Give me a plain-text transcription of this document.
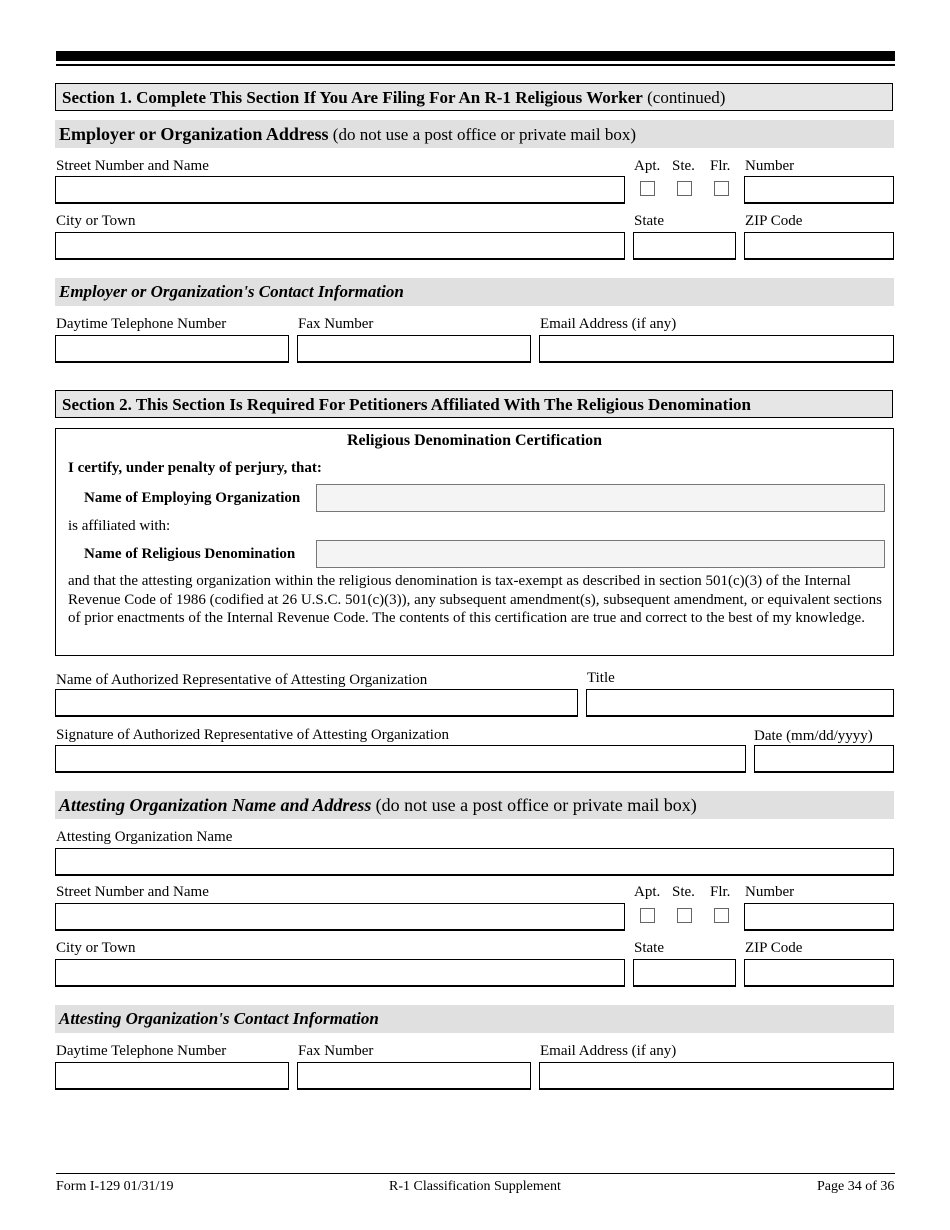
Section 1. Complete This Section If You Are Filing For An R-1 Religious Worker (continued)
Employer or Organization Address (do not use a post office or private mail box)
Street Number and Name	Apt. Ste. Flr. Number
City or Town	State	ZIP Code
Employer or Organization's Contact Information
Daytime Telephone Number	Fax Number	Email Address (if any)
Section 2. This Section Is Required For Petitioners Affiliated With The Religious Denomination
Religious Denomination Certification
I certify, under penalty of perjury, that:
Name of Employing Organization
is affiliated with:
Name of Religious Denomination
and that the attesting organization within the religious denomination is tax-exempt as described in section 501(c)(3) of the Internal Revenue Code of 1986 (codified at 26 U.S.C. 501(c)(3)), any subsequent amendment(s), subsequent amendment, or equivalent sections of prior enactments of the Internal Revenue Code. The contents of this certification are true and correct to the best of my knowledge.
Name of Authorized Representative of Attesting Organization	Title
Signature of Authorized Representative of Attesting Organization	Date (mm/dd/yyyy)
Attesting Organization Name and Address (do not use a post office or private mail box)
Attesting Organization Name
Street Number and Name	Apt. Ste. Flr. Number
City or Town	State	ZIP Code
Attesting Organization's Contact Information
Daytime Telephone Number	Fax Number	Email Address (if any)
Form I-129 01/31/19	R-1 Classification Supplement	Page 34 of 36
